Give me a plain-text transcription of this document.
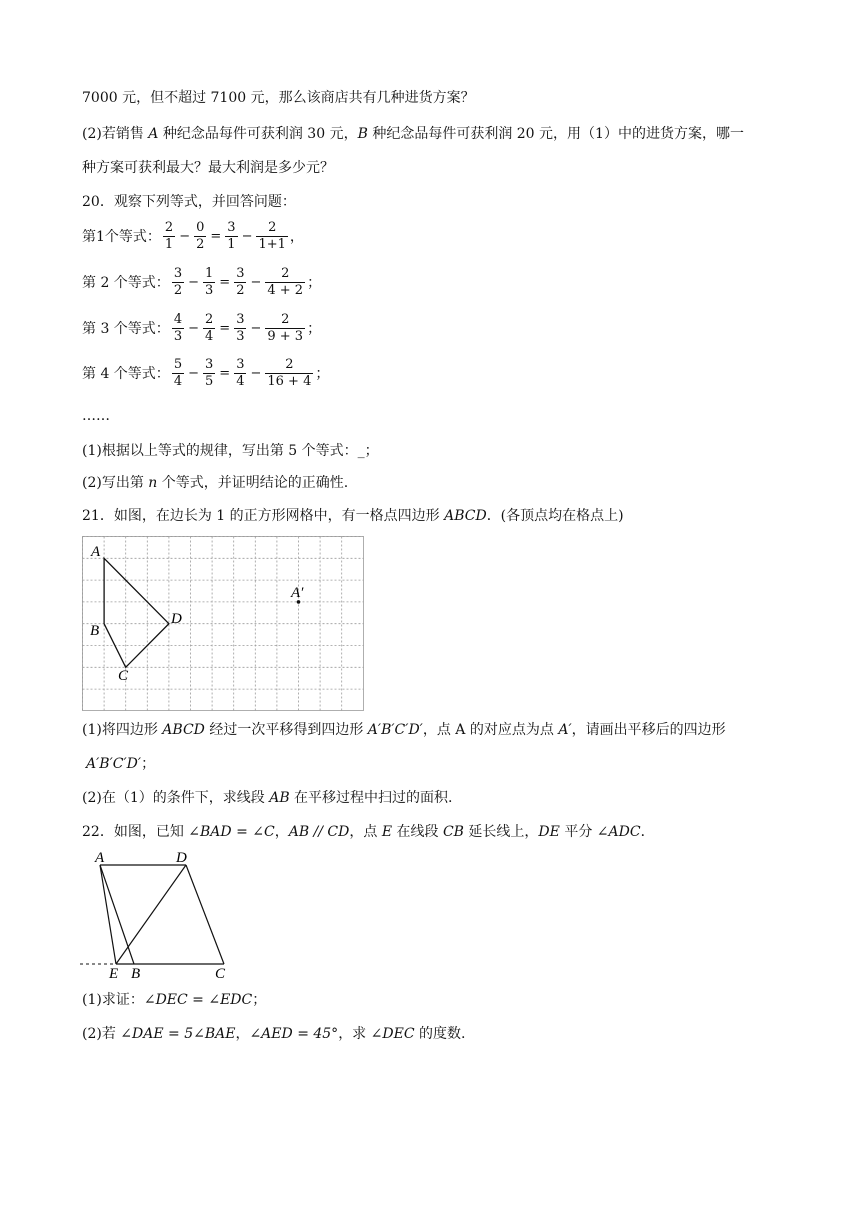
7000 元，但不超过 7100 元，那么该商店共有几种进货方案？
(2)若销售 A 种纪念品每件可获利润 30 元，B 种纪念品每件可获利润 20 元，用（1）中的进货方案，哪一
种方案可获利最大？最大利润是多少元？
20．观察下列等式，并回答问题：
第1个等式： $\frac{2}{1} - \frac{0}{2} = \frac{3}{1} - \frac{2}{1+1}$ ，
第 2 个等式： $\frac{3}{2} - \frac{1}{3} = \frac{3}{2} - \frac{2}{4 + 2}$ ；
第 3 个等式： $\frac{4}{3} - \frac{2}{4} = \frac{3}{3} - \frac{2}{9 + 3}$ ；
第 4 个等式： $\frac{5}{4} - \frac{3}{5} = \frac{3}{4} - \frac{2}{16 + 4}$ ；
……
(1)根据以上等式的规律，写出第 5 个等式：_；
(2)写出第 n 个等式，并证明结论的正确性.
21．如图，在边长为 1 的正方形网格中，有一格点四边形 ABCD．(各顶点均在格点上)
A
B
C
D
A′
(1)将四边形 ABCD 经过一次平移得到四边形 A′B′C′D′，点 A 的对应点为点 A′，请画出平移后的四边形
A′B′C′D′；
(2)在（1）的条件下，求线段 AB 在平移过程中扫过的面积.
22．如图，已知 ∠BAD = ∠C，AB // CD，点 E 在线段 CB 延长线上，DE 平分 ∠ADC．
A	D
E B	C
(1)求证：∠DEC = ∠EDC；
(2)若 ∠DAE = 5∠BAE，∠AED = 45°，求 ∠DEC 的度数.
